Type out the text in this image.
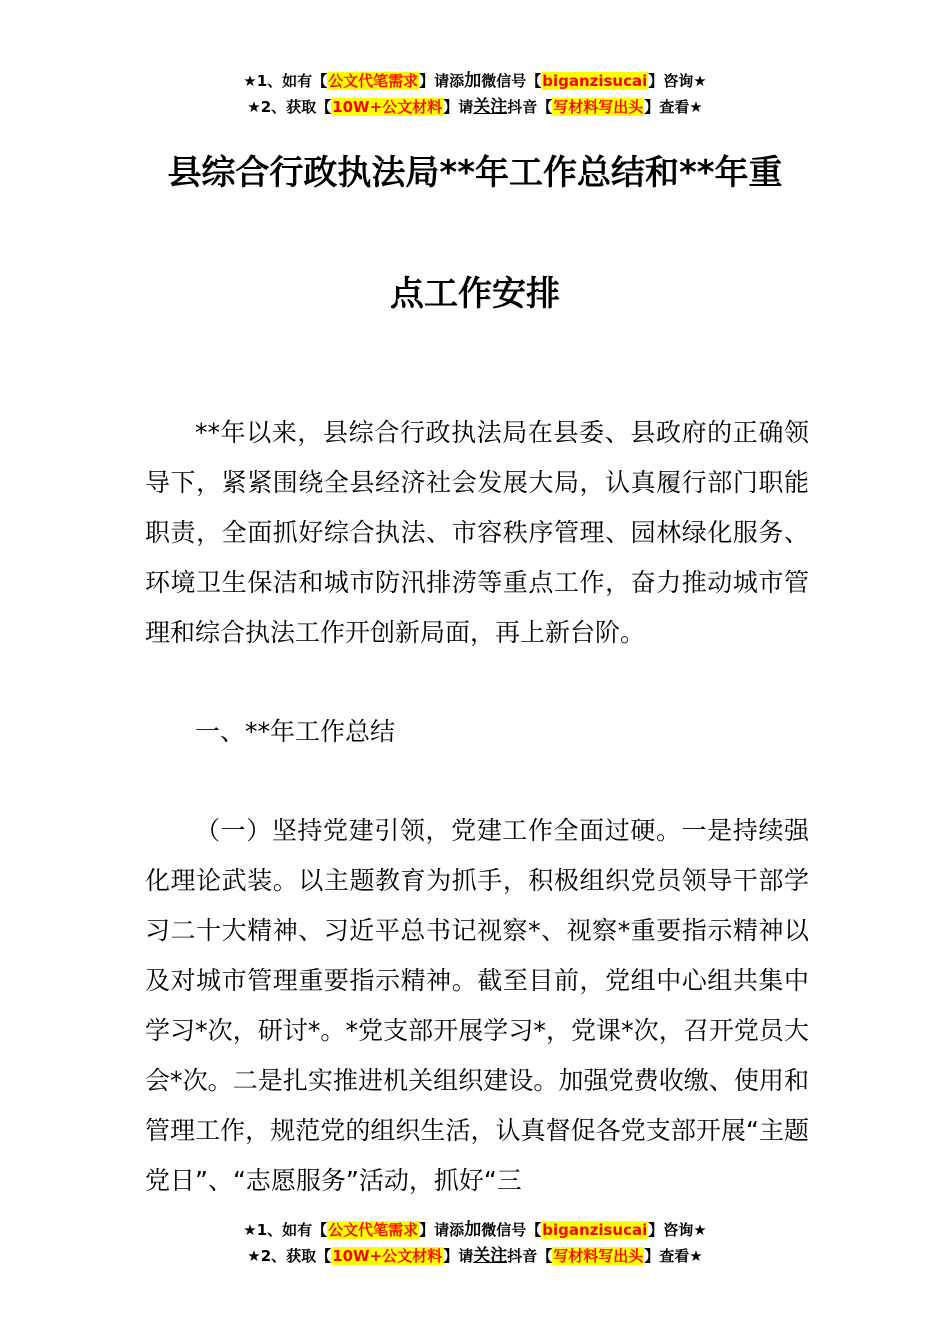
★1、如有【公文代笔需求】请添加微信号【biganzisucai】咨询★
★2、获取【10W+公文材料】请关注抖音【写材料写出头】查看★
县综合行政执法局**年工作总结和**年重
点工作安排

**年以来，县综合行政执法局在县委、县政府的正确领导下，紧紧围绕全县经济社会发展大局，认真履行部门职能职责，全面抓好综合执法、市容秩序管理、园林绿化服务、环境卫生保洁和城市防汛排涝等重点工作，奋力推动城市管理和综合执法工作开创新局面，再上新台阶。

一、**年工作总结

（一）坚持党建引领，党建工作全面过硬。一是持续强化理论武装。以主题教育为抓手，积极组织党员领导干部学习二十大精神、习近平总书记视察*、视察*重要指示精神以及对城市管理重要指示精神。截至目前，党组中心组共集中学习*次，研讨*。*党支部开展学习*，党课*次，召开党员大会*次。二是扎实推进机关组织建设。加强党费收缴、使用和管理工作，规范党的组织生活，认真督促各党支部开展“主题党日”、“志愿服务”活动，抓好“三

★1、如有【公文代笔需求】请添加微信号【biganzisucai】咨询★
★2、获取【10W+公文材料】请关注抖音【写材料写出头】查看★
